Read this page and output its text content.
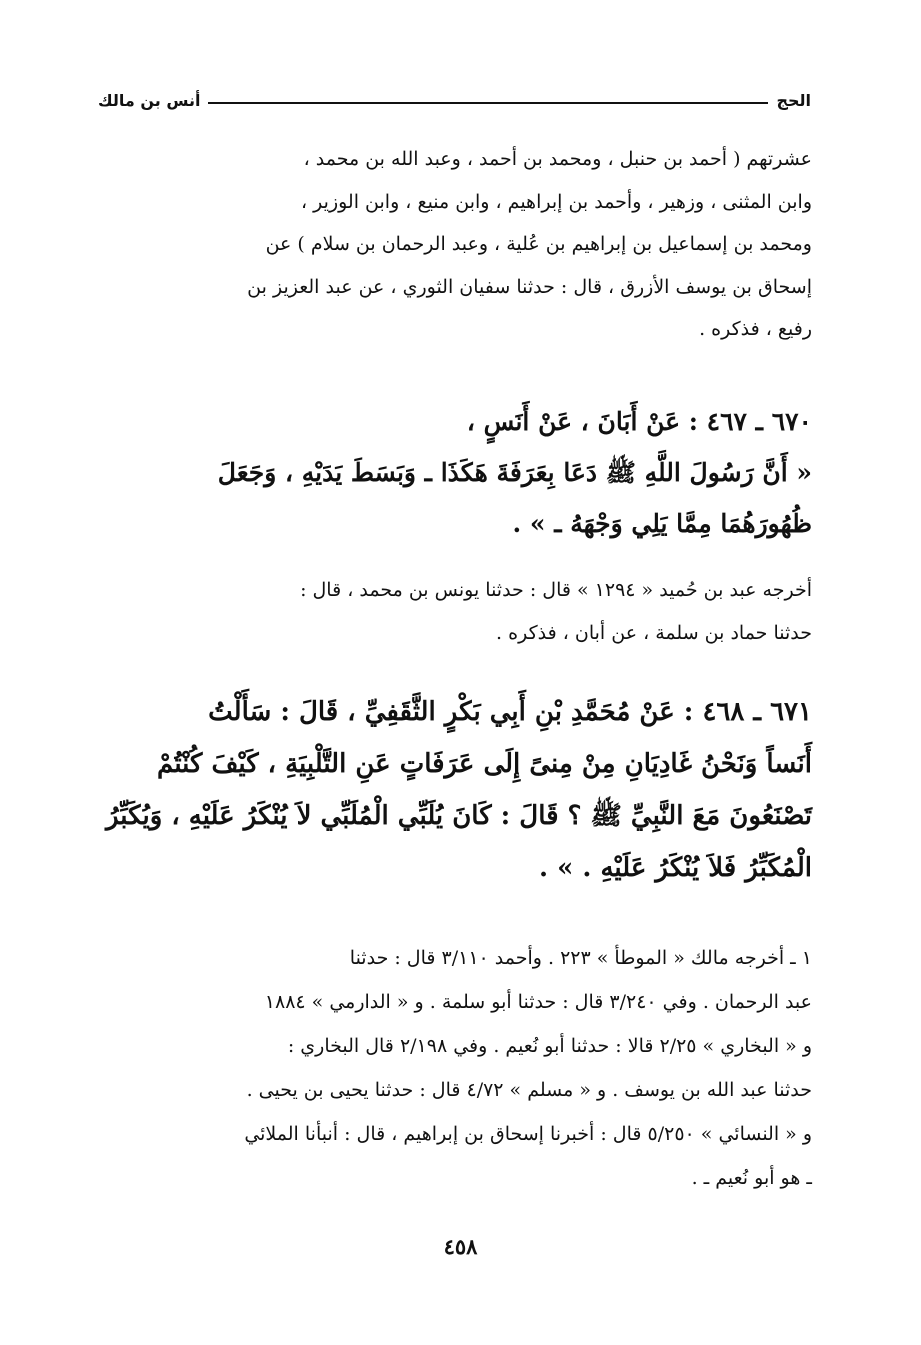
الحج
أنس بن مالك
عشرتهم ( أحمد بن حنبل ، ومحمد بن أحمد ، وعبد الله بن محمد ،
وابن المثنى ، وزهير ، وأحمد بن إبراهيم ، وابن منيع ، وابن الوزير ،
ومحمد بن إسماعيل بن إبراهيم بن عُلية ، وعبد الرحمان بن سلام ) عن
إسحاق بن يوسف الأزرق ، قال : حدثنا سفيان الثوري ، عن عبد العزيز بن
رفيع ، فذكره .
٦٧٠ ـ ٤٦٧ : عَنْ أَبَانَ ، عَنْ أَنَسٍ ،
« أَنَّ رَسُولَ اللَّهِ ﷺ دَعَا بِعَرَفَةَ هَكَذَا ـ وَبَسَطَ يَدَيْهِ ، وَجَعَلَ
ظُهُورَهُمَا مِمَّا يَلِي وَجْهَهُ ـ » .
أخرجه عبد بن حُميد « ١٢٩٤ » قال : حدثنا يونس بن محمد ، قال :
حدثنا حماد بن سلمة ، عن أبان ، فذكره .
٦٧١ ـ ٤٦٨ : عَنْ مُحَمَّدِ بْنِ أَبِي بَكْرٍ الثَّقَفِيِّ ، قَالَ : سَأَلْتُ
أَنَساً وَنَحْنُ غَادِيَانِ مِنْ مِنىً إِلَى عَرَفَاتٍ عَنِ التَّلْبِيَةِ ، كَيْفَ كُنْتُمْ
تَصْنَعُونَ مَعَ النَّبِيِّ ﷺ ؟ قَالَ : كَانَ يُلَبِّي الْمُلَبِّي لاَ يُنْكَرُ عَلَيْهِ ، وَيُكَبِّرُ
الْمُكَبِّرُ فَلاَ يُنْكَرُ عَلَيْهِ . » .
١ ـ أخرجه مالك « الموطأ » ٢٢٣ . وأحمد ٣/١١٠ قال : حدثنا
عبد الرحمان . وفي ٣/٢٤٠ قال : حدثنا أبو سلمة . و « الدارمي » ١٨٨٤
و « البخاري » ٢/٢٥ قالا : حدثنا أبو نُعيم . وفي ٢/١٩٨ قال البخاري :
حدثنا عبد الله بن يوسف . و « مسلم » ٤/٧٢ قال : حدثنا يحيى بن يحيى .
و « النسائي » ٥/٢٥٠ قال : أخبرنا إسحاق بن إبراهيم ، قال : أنبأنا الملائي
ـ هو أبو نُعيم ـ .
٤٥٨
